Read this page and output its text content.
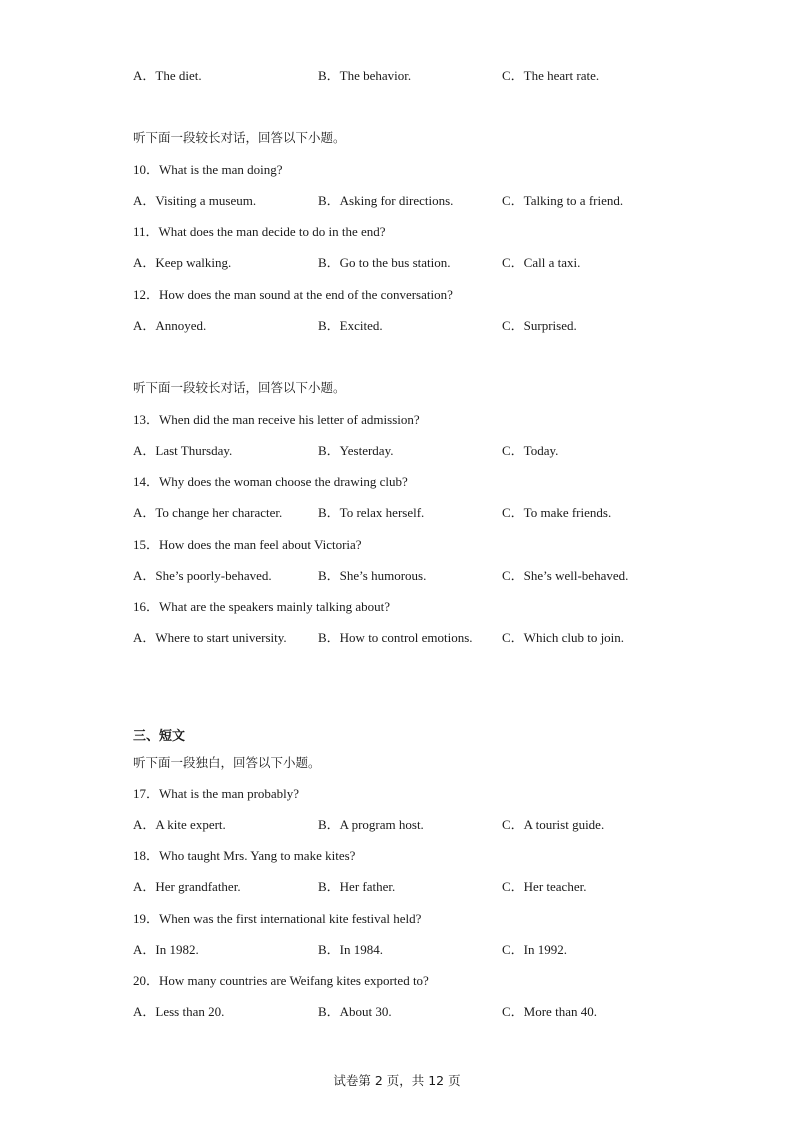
A．The diet.	B．The behavior.	C．The heart rate.
听下面一段较长对话，回答以下小题。
10．What is the man doing?
A．Visiting a museum.	B．Asking for directions.	C．Talking to a friend.
11．What does the man decide to do in the end?
A．Keep walking.	B．Go to the bus station.	C．Call a taxi.
12．How does the man sound at the end of the conversation?
A．Annoyed.	B．Excited.	C．Surprised.
听下面一段较长对话，回答以下小题。
13．When did the man receive his letter of admission?
A．Last Thursday.	B．Yesterday.	C．Today.
14．Why does the woman choose the drawing club?
A．To change her character.	B．To relax herself.	C．To make friends.
15．How does the man feel about Victoria?
A．She’s poorly-behaved.	B．She’s humorous.	C．She’s well-behaved.
16．What are the speakers mainly talking about?
A．Where to start university. B．How to control emotions. C．Which club to join.
三、短文
听下面一段独白，回答以下小题。
17．What is the man probably?
A．A kite expert.	B．A program host.	C．A tourist guide.
18．Who taught Mrs. Yang to make kites?
A．Her grandfather.	B．Her father.	C．Her teacher.
19．When was the first international kite festival held?
A．In 1982.	B．In 1984.	C．In 1992.
20．How many countries are Weifang kites exported to?
A．Less than 20.	B．About 30.	C．More than 40.
试卷第 2 页，共 12 页
